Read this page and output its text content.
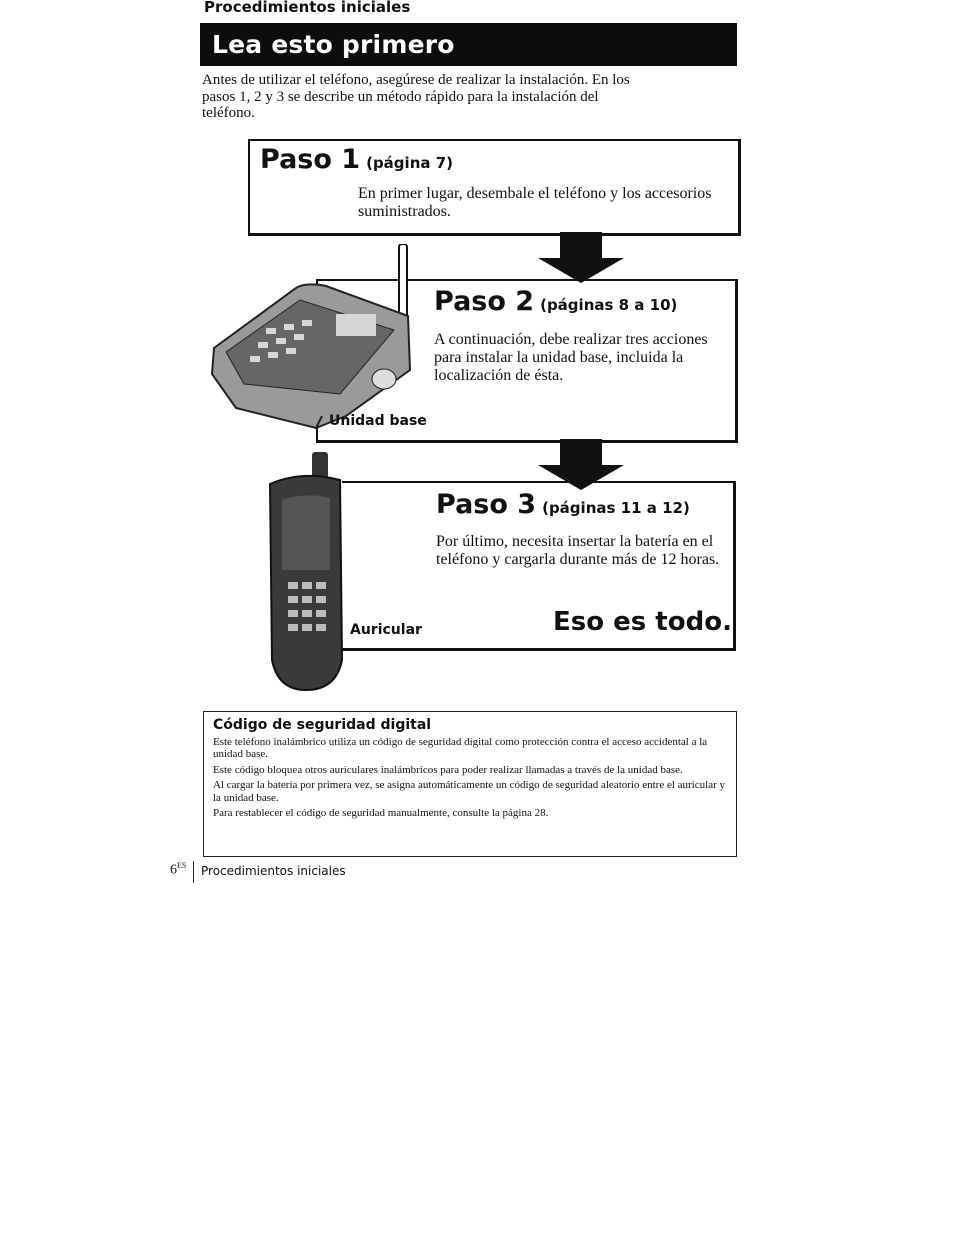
Procedimientos iniciales
Lea esto primero

Antes de utilizar el teléfono, asegúrese de realizar la instalación. En los pasos 1, 2 y 3 se describe un método rápido para la instalación del teléfono.

Paso 1 (página 7)

En primer lugar, desembale el teléfono y los accesorios suministrados.

Paso 2 (páginas 8 a 10)

A continuación, debe realizar tres acciones para instalar la unidad base, incluida la localización de ésta.

Unidad base
Paso 3 (páginas 11 a 12)

Por último, necesita insertar la batería en el teléfono y cargarla durante más de 12 horas.

Auricular	Eso es todo.

Código de seguridad digital

Este teléfono inalámbrico utiliza un código de seguridad digital como protección contra el acceso accidental a la unidad base.

Este código bloquea otros auriculares inalámbricos para poder realizar llamadas a través de la unidad base.

Al cargar la batería por primera vez, se asigna automáticamente un código de seguridad aleatorio entre el auricular y la unidad base.

Para restablecer el código de seguridad manualmente, consulte la página 28.

$6^{ES}$ Procedimientos iniciales
